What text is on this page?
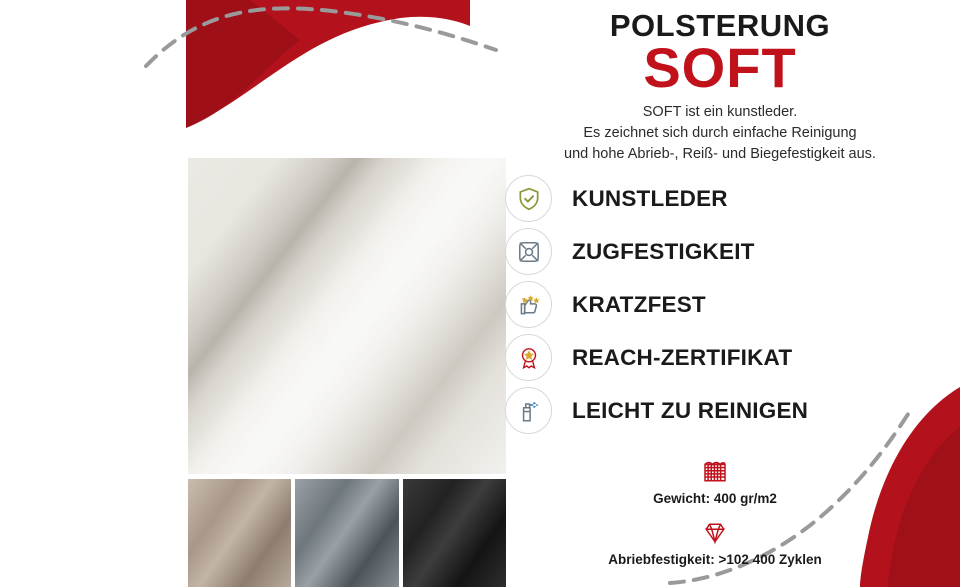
POLSTERUNG
SOFT
SOFT ist ein kunstleder.
Es zeichnet sich durch einfache Reinigung
und hohe Abrieb-, Reiß- und Biegefestigkeit aus.
KUNSTLEDER
ZUGFESTIGKEIT
KRATZFEST
REACH-ZERTIFIKAT
LEICHT ZU REINIGEN
Gewicht: 400 gr/m2
Abriebfestigkeit: >102 400 Zyklen
